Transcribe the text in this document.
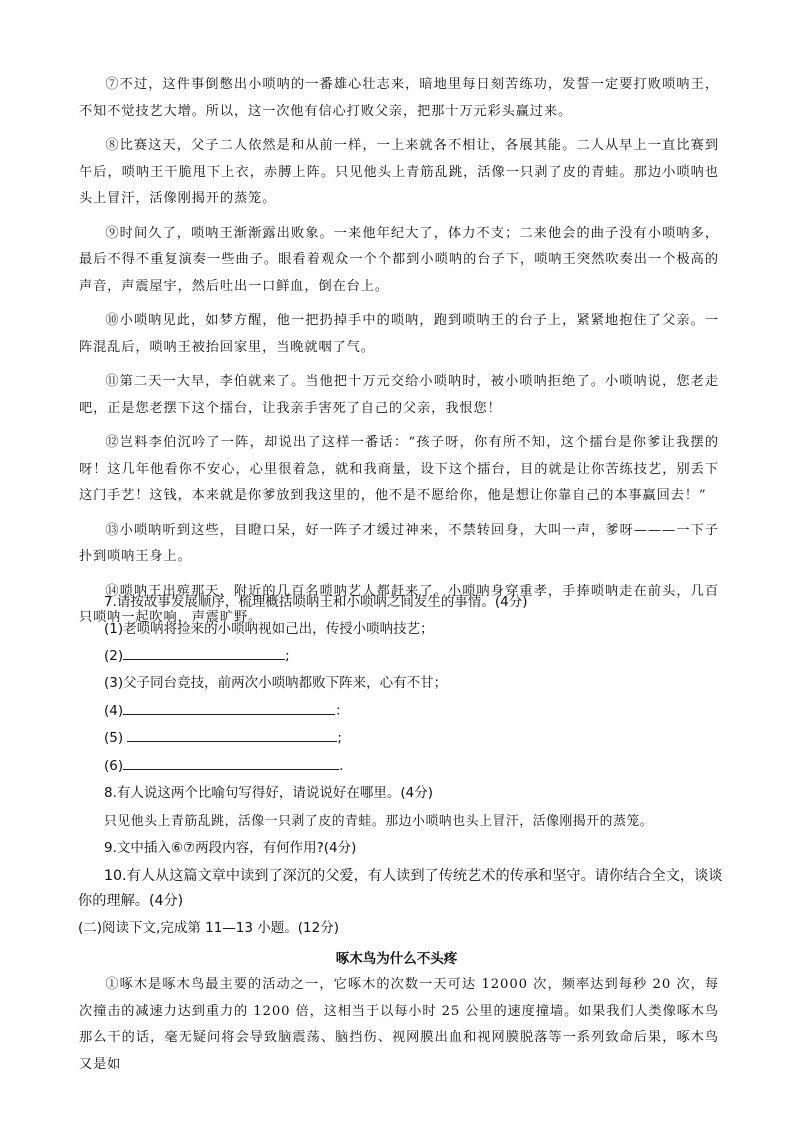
⑦不过，这件事倒憋出小唢呐的一番雄心壮志来，暗地里每日刻苦练功，发誓一定要打败唢呐王，不知不觉技艺大增。所以，这一次他有信心打败父亲，把那十万元彩头赢过来。

⑧比赛这天，父子二人依然是和从前一样，一上来就各不相让，各展其能。二人从早上一直比赛到午后，唢呐王干脆甩下上衣，赤膊上阵。只见他头上青筋乱跳，活像一只剥了皮的青蛙。那边小唢呐也头上冒汗，活像刚揭开的蒸笼。

⑨时间久了，唢呐王渐渐露出败象。一来他年纪大了，体力不支；二来他会的曲子没有小唢呐多，最后不得不重复演奏一些曲子。眼看着观众一个个都到小唢呐的台子下，唢呐王突然吹奏出一个极高的声音，声震屋宇，然后吐出一口鲜血，倒在台上。

⑩小唢呐见此，如梦方醒，他一把扔掉手中的唢呐，跑到唢呐王的台子上，紧紧地抱住了父亲。一阵混乱后，唢呐王被抬回家里，当晚就咽了气。

⑪第二天一大早，李伯就来了。当他把十万元交给小唢呐时，被小唢呐拒绝了。小唢呐说，您老走吧，正是您老摆下这个擂台，让我亲手害死了自己的父亲，我恨您！

⑫岂料李伯沉吟了一阵，却说出了这样一番话：“孩子呀，你有所不知，这个擂台是你爹让我摆的呀！这几年他看你不安心，心里很着急，就和我商量，设下这个擂台，目的就是让你苦练技艺，别丢下这门手艺！这钱，本来就是你爹放到我这里的，他不是不愿给你，他是想让你靠自己的本事赢回去！”

⑬小唢呐听到这些，目瞪口呆，好一阵子才缓过神来，不禁转回身，大叫一声，爹呀———一下子扑到唢呐王身上。

⑭唢呐王出殡那天，附近的几百名唢呐艺人都赶来了。小唢呐身穿重孝，手捧唢呐走在前头，几百只唢呐一起吹响，声震旷野。

7.请按故事发展顺序，梳理概括唢呐王和小唢呐之间发生的事情。(4分)
(1)老唢呐将捡来的小唢呐视如己出，传授小唢呐技艺；
(2)	;
(3)父子同台竞技，前两次小唢呐都败下阵来，心有不甘；
(4)	：
(5)	;
(6)	.
8.有人说这两个比喻句写得好，请说说好在哪里。(4分)
只见他头上青筋乱跳，活像一只剥了皮的青蛙。那边小唢呐也头上冒汗，活像刚揭开的蒸笼。
9.文中插入⑥⑦两段内容，有何作用?(4分)
10.有人从这篇文章中读到了深沉的父爱，有人读到了传统艺术的传承和坚守。请你结合全文，谈谈
你的理解。(4分)
(二)阅读下文,完成第 11—13 小题。(12分)
啄木鸟为什么不头疼

①啄木是啄木鸟最主要的活动之一，它啄木的次数一天可达 12000 次，频率达到每秒 20 次，每次撞击的减速力达到重力的 1200 倍，这相当于以每小时 25 公里的速度撞墙。如果我们人类像啄木鸟那么干的话，毫无疑问将会导致脑震荡、脑挡伤、视网膜出血和视网膜脱落等一系列致命后果，啄木鸟又是如
